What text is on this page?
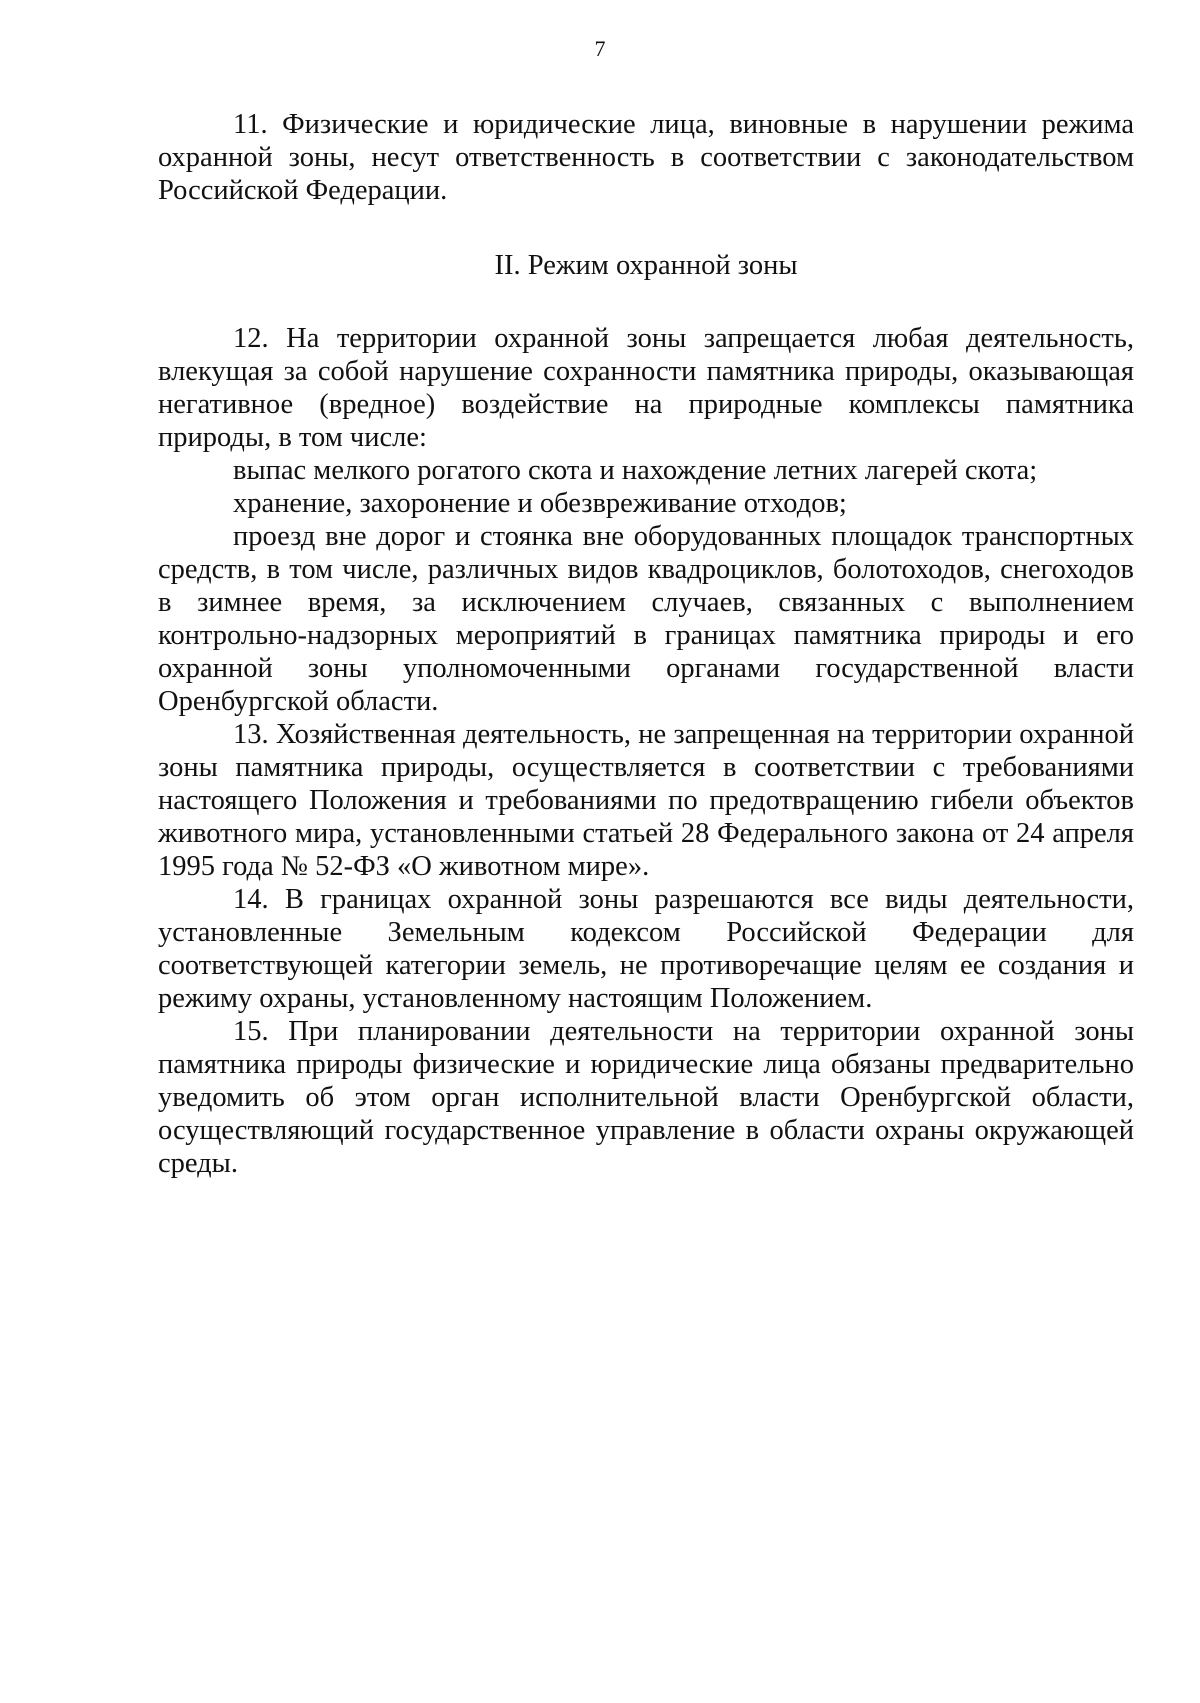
7

11. Физические и юридические лица, виновные в нарушении режима охранной зоны, несут ответственность в соответствии с законодательством Российской Федерации.

II. Режим охранной зоны

12. На территории охранной зоны запрещается любая деятельность, влекущая за собой нарушение сохранности памятника природы, оказывающая негативное (вредное) воздействие на природные комплексы памятника природы, в том числе:

выпас мелкого рогатого скота и нахождение летних лагерей скота;

хранение, захоронение и обезвреживание отходов;

проезд вне дорог и стоянка вне оборудованных площадок транспортных средств, в том числе, различных видов квадроциклов, болотоходов, снегоходов в зимнее время, за исключением случаев, связанных с выполнением контрольно-надзорных мероприятий в границах памятника природы и его охранной зоны уполномоченными органами государственной власти Оренбургской области.

13. Хозяйственная деятельность, не запрещенная на территории охранной зоны памятника природы, осуществляется в соответствии с требованиями настоящего Положения и требованиями по предотвращению гибели объектов животного мира, установленными статьей 28 Федерального закона от 24 апреля 1995 года № 52-ФЗ «О животном мире».

14. В границах охранной зоны разрешаются все виды деятельности, установленные Земельным кодексом Российской Федерации для соответствующей категории земель, не противоречащие целям ее создания и режиму охраны, установленному настоящим Положением.

15. При планировании деятельности на территории охранной зоны памятника природы физические и юридические лица обязаны предварительно уведомить об этом орган исполнительной власти Оренбургской области, осуществляющий государственное управление в области охраны окружающей среды.
